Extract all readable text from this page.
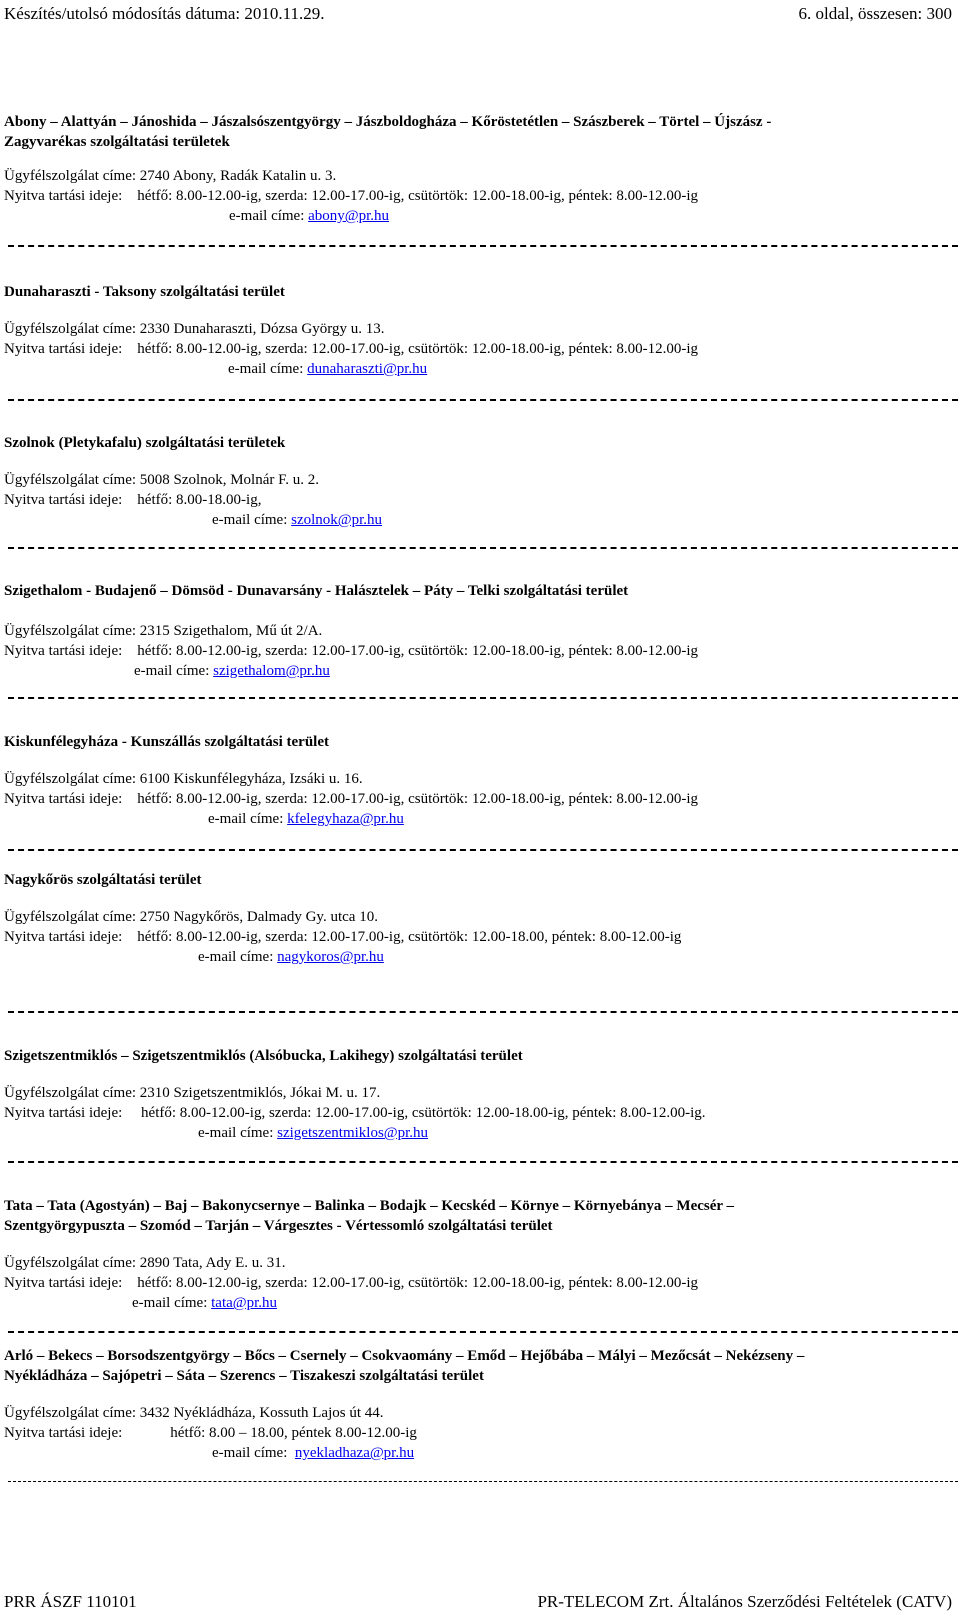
Készítés/utolsó módosítás dátuma: 2010.11.29.	6. oldal, összesen: 300
Abony – Alattyán – Jánoshida – Jászalsószentgyörgy – Jászboldogháza – Kőröstetétlen – Szászberek – Törtel – Újszász -
Zagyvarékas szolgáltatási területek
Ügyfélszolgálat címe: 2740 Abony, Radák Katalin u. 3.
Nyitva tartási ideje: hétfő: 8.00-12.00-ig, szerda: 12.00-17.00-ig, csütörtök: 12.00-18.00-ig, péntek: 8.00-12.00-ig
e-mail címe: abony@pr.hu
Dunaharaszti - Taksony szolgáltatási terület
Ügyfélszolgálat címe: 2330 Dunaharaszti, Dózsa György u. 13.
Nyitva tartási ideje: hétfő: 8.00-12.00-ig, szerda: 12.00-17.00-ig, csütörtök: 12.00-18.00-ig, péntek: 8.00-12.00-ig
e-mail címe: dunaharaszti@pr.hu
Szolnok (Pletykafalu) szolgáltatási területek
Ügyfélszolgálat címe: 5008 Szolnok, Molnár F. u. 2.
Nyitva tartási ideje: hétfő: 8.00-18.00-ig,
e-mail címe: szolnok@pr.hu
Szigethalom - Budajenő – Dömsöd - Dunavarsány - Halásztelek – Páty – Telki szolgáltatási terület
Ügyfélszolgálat címe: 2315 Szigethalom, Mű út 2/A.
Nyitva tartási ideje: hétfő: 8.00-12.00-ig, szerda: 12.00-17.00-ig, csütörtök: 12.00-18.00-ig, péntek: 8.00-12.00-ig
e-mail címe: szigethalom@pr.hu
Kiskunfélegyháza - Kunszállás szolgáltatási terület
Ügyfélszolgálat címe: 6100 Kiskunfélegyháza, Izsáki u. 16.
Nyitva tartási ideje: hétfő: 8.00-12.00-ig, szerda: 12.00-17.00-ig, csütörtök: 12.00-18.00-ig, péntek: 8.00-12.00-ig
e-mail címe: kfelegyhaza@pr.hu
Nagykőrös szolgáltatási terület
Ügyfélszolgálat címe: 2750 Nagykőrös, Dalmady Gy. utca 10.
Nyitva tartási ideje: hétfő: 8.00-12.00-ig, szerda: 12.00-17.00-ig, csütörtök: 12.00-18.00, péntek: 8.00-12.00-ig
e-mail címe: nagykoros@pr.hu
Szigetszentmiklós – Szigetszentmiklós (Alsóbucka, Lakihegy) szolgáltatási terület
Ügyfélszolgálat címe: 2310 Szigetszentmiklós, Jókai M. u. 17.
Nyitva tartási ideje: hétfő: 8.00-12.00-ig, szerda: 12.00-17.00-ig, csütörtök: 12.00-18.00-ig, péntek: 8.00-12.00-ig.
e-mail címe: szigetszentmiklos@pr.hu
Tata – Tata (Agostyán) – Baj – Bakonycsernye – Balinka – Bodajk – Kecskéd – Környe – Környebánya – Mecsér –
Szentgyörgypuszta – Szomód – Tarján – Várgesztes - Vértessomló szolgáltatási terület
Ügyfélszolgálat címe: 2890 Tata, Ady E. u. 31.
Nyitva tartási ideje: hétfő: 8.00-12.00-ig, szerda: 12.00-17.00-ig, csütörtök: 12.00-18.00-ig, péntek: 8.00-12.00-ig
e-mail címe: tata@pr.hu
Arló – Bekecs – Borsodszentgyörgy – Bőcs – Csernely – Csokvaomány – Emőd – Hejőbába – Mályi – Mezőcsát – Nekézseny –
Nyékládháza – Sajópetri – Sáta – Szerencs – Tiszakeszi szolgáltatási terület
Ügyfélszolgálat címe: 3432 Nyékládháza, Kossuth Lajos út 44.
Nyitva tartási ideje:	hétfő: 8.00 – 18.00, péntek 8.00-12.00-ig
e-mail címe: nyekladhaza@pr.hu
PRR ÁSZF 110101	PR-TELECOM Zrt. Általános Szerződési Feltételek (CATV)
